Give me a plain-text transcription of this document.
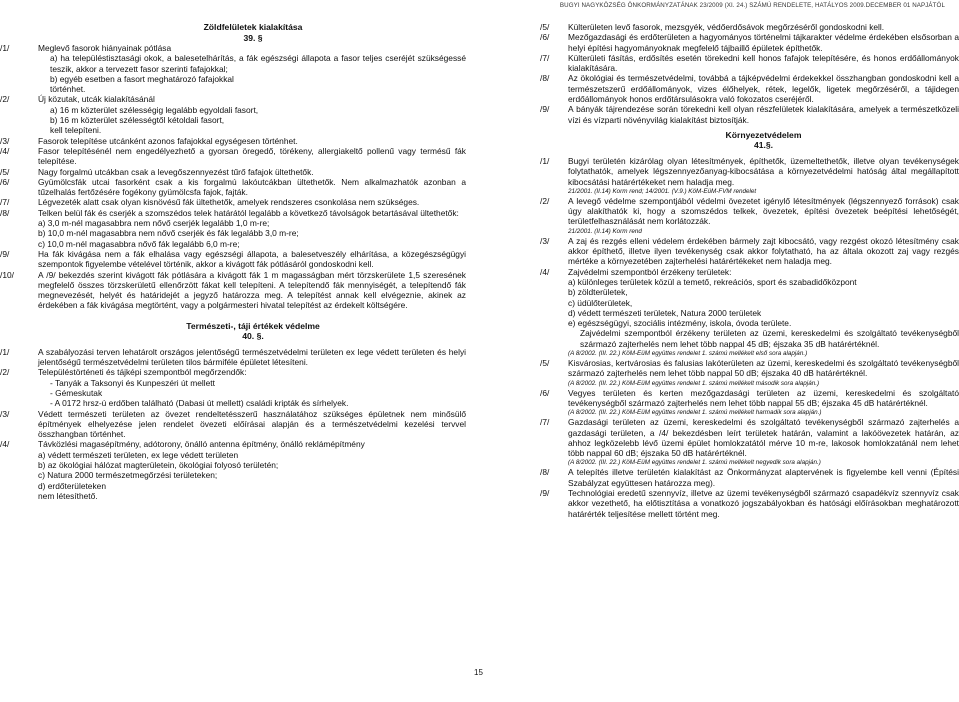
BUGYI NAGYKÖZSÉG ÖNKORMÁNYZATÁNAK 23/2009 (XI. 24.) SZÁMÚ RENDELETE, HATÁLYOS 2009.DECEMBER 01 NAPJÁTÓL
Zöldfelületek kialakítása
39. §
/1/	Meglevő fasorok hiányainak pótlása
a) ha településtisztasági okok, a balesetelhárítás, a fák egészségi állapota a fasor teljes cseréjét szükségessé teszik, akkor a tervezett fasor szerinti fafajokkal;
b) egyéb esetben a fasort meghatározó fafajokkal
történhet.
/2/	Új közutak, utcák kialakításánál
a) 16 m közterület szélességig legalább egyoldali fasort,
b) 16 m közterület szélességtől kétoldali fasort,
kell telepíteni.
/3/	Fasorok telepítése utcánként azonos fafajokkal egységesen történhet.
/4/	Fasor telepítésénél nem engedélyezhető a gyorsan öregedő, törékeny, allergiakeltő pollenű vagy termésű fák telepítése.
/5/	Nagy forgalmú utcákban csak a levegőszennyezést tűrő fafajok ültethetők.
/6/	Gyümölcsfák utcai fasorként csak a kis forgalmú lakóutcákban ültethetők. Nem alkalmazhatók azonban a tűzelhalás fertőzésére fogékony gyümölcsfa fajok, fajták.
/7/	Légvezeték alatt csak olyan kisnövésű fák ültethetők, amelyek rendszeres csonkolása nem szükséges.
/8/	Telken belül fák és cserjék a szomszédos telek határától legalább a következő távolságok betartásával ültethetők:
a) 3,0 m-nél magasabbra nem nővő cserjék legalább 1,0 m-re;
b) 10,0 m-nél magasabbra nem nővő cserjék és fák legalább 3,0 m-re;
c) 10,0 m-nél magasabbra nővő fák legalább 6,0 m-re;
/9/	Ha fák kivágása nem a fák elhalása vagy egészségi állapota, a balesetveszély elhárítása, a közegészségügyi szempontok figyelembe vételével történik, akkor a kivágott fák pótlásáról gondoskodni kell.
/10/	A /9/ bekezdés szerint kivágott fák pótlására a kivágott fák 1 m magasságban mért törzskerülete 1,5 szeresének megfelelő összes törzskerületű ellenőrzött fákat kell telepíteni. A telepítendő fák mennyiségét, a telepítendő fák megnevezését, helyét és határidejét a jegyző határozza meg. A telepítést annak kell elvégeznie, akinek az érdekében a fák kivágása megtörtént, vagy a polgármesteri hivatal telepítést az érdekelt költségére.
Természeti-, táji értékek védelme
40. §.
/1/	A szabályozási terven lehatárolt országos jelentőségű természetvédelmi területen ex lege védett területen és helyi jelentőségű természetvédelmi területen tilos bármiféle épületet létesíteni.
/2/	Településtörténeti és tájképi szempontból megőrzendők:
- Tanyák a Taksonyi és Kunpeszéri út mellett
- Gémeskutak
- A 0172 hrsz-ú erdőben található (Dabasi út mellett) családi kripták és sírhelyek.
/3/	Védett természeti területen az övezet rendeltetésszerű használatához szükséges épületnek nem minősülő építmények elhelyezése jelen rendelet övezeti előírásai alapján és a természetvédelmi kezelési tervvel összhangban történhet.
/4/	Távközlési magasépítmény, adótorony, önálló antenna építmény, önálló reklámépítmény
a) védett természeti területen, ex lege védett területen
b) az ökológiai hálózat magterületein, ökológiai folyosó területén;
c) Natura 2000 természetmegőrzési területeken;
d) erdőterületeken
nem létesíthető.
/5/ Külterületen levő fasorok, mezsgyék, védőerdősávok megőrzéséről gondoskodni kell.
/6/ Mezőgazdasági és erdőterületen a hagyományos történelmi tájkarakter védelme érdekében elsősorban a helyi építési hagyományoknak megfelelő tájbaillő épületek építhetők.
/7/ Külterületi fásítás, erdősítés esetén törekedni kell honos fafajok telepítésére, és honos erdőállományok kialakítására.
/8/ Az ökológiai és természetvédelmi, továbbá a tájképvédelmi érdekekkel összhangban gondoskodni kell a természetszerű erdőállományok, vizes élőhelyek, rétek, legelők, ligetek megőrzéséről, a tájidegen erdőállományok honos erdőtársulásokra való fokozatos cseréjéről.
/9/ A bányák tájrendezése során törekedni kell olyan részfelületek kialakítására, amelyek a természetközeli vízi és vízparti növényvilág kialakítást biztosítják.
Környezetvédelem
41.§.
/1/ Bugyi területén kizárólag olyan létesítmények, építhetők, üzemeltethetők, illetve olyan tevékenységek folytathatók, amelyek légszennyezőanyag-kibocsátása a környezetvédelmi hatóság által megállapított kibocsátási határértékeket nem haladja meg.
21/2001. (II.14) Korm rend; 14/2001. (V.9.) KöM-EüM-FVM rendelet
/2/ A levegő védelme szempontjából védelmi övezetet igénylő létesítmények (légszennyező források) csak úgy alakíthatók ki, hogy a szomszédos telkek, övezetek, építési övezetek beépítési lehetőségét, területfelhasználását nem korlátozzák.
21/2001. (II.14) Korm rend
/3/ A zaj és rezgés elleni védelem érdekében bármely zajt kibocsátó, vagy rezgést okozó létesítmény csak akkor építhető, illetve ilyen tevékenység csak akkor folytatható, ha az általa okozott zaj vagy rezgés mértéke a környezetében zajterhelési határértékeket nem haladja meg.
/4/ Zajvédelmi szempontból érzékeny területek:
a) különleges területek közül a temető, rekreációs, sport és szabadidőközpont
b) zöldterületek,
c) üdülőterületek,
d) védett természeti területek, Natura 2000 területek
e) egészségügyi, szociális intézmény, iskola, óvoda területe.
Zajvédelmi szempontból érzékeny területen az üzemi, kereskedelmi és szolgáltató tevékenységből származó zajterhelés nem lehet több nappal 45 dB; éjszaka 35 dB határértéknél.
(A 8/2002. (III. 22.) KöM-EüM együttes rendelet 1. számú mellékelt első sora alapján.)
/5/ Kisvárosias, kertvárosias és falusias lakóterületen az üzemi, kereskedelmi és szolgáltató tevékenységből származó zajterhelés nem lehet több nappal 50 dB; éjszaka 40 dB határértéknél.
(A 8/2002. (III. 22.) KöM-EüM együttes rendelet 1. számú mellékelt második sora alapján.)
/6/ Vegyes területen és kerten mezőgazdasági területen az üzemi, kereskedelmi és szolgáltató tevékenységből származó zajterhelés nem lehet több nappal 55 dB; éjszaka 45 dB határértéknél.
(A 8/2002. (III. 22.) KöM-EüM együttes rendelet 1. számú mellékelt harmadik sora alapján.)
/7/ Gazdasági területen az üzemi, kereskedelmi és szolgáltató tevékenységből származó zajterhelés a gazdasági területen, a /4/ bekezdésben leírt területek határán, valamint a lakóövezetek határán, az ahhoz legközelebb lévő üzemi épület homlokzatától mérve 10 m-re, lakosok homlokzatánál nem lehet több nappal 60 dB; éjszaka 50 dB határértéknél.
(A 8/2002. (III. 22.) KöM-EüM együttes rendelet 1. számú mellékelt negyedik sora alapján.)
/8/ A telepítés illetve területén kialakítást az Önkormányzat alaptervének is figyelembe kell venni (Építési Szabályzat együttesen határozza meg).
/9/ Technológiai eredetű szennyvíz, illetve az üzemi tevékenységből származó csapadékvíz szennyvíz csak akkor vezethető, ha előtisztítása a vonatkozó jogszabályokban és hatósági előírásokban meghatározott határérték teljesítése mellett történt meg.
15
